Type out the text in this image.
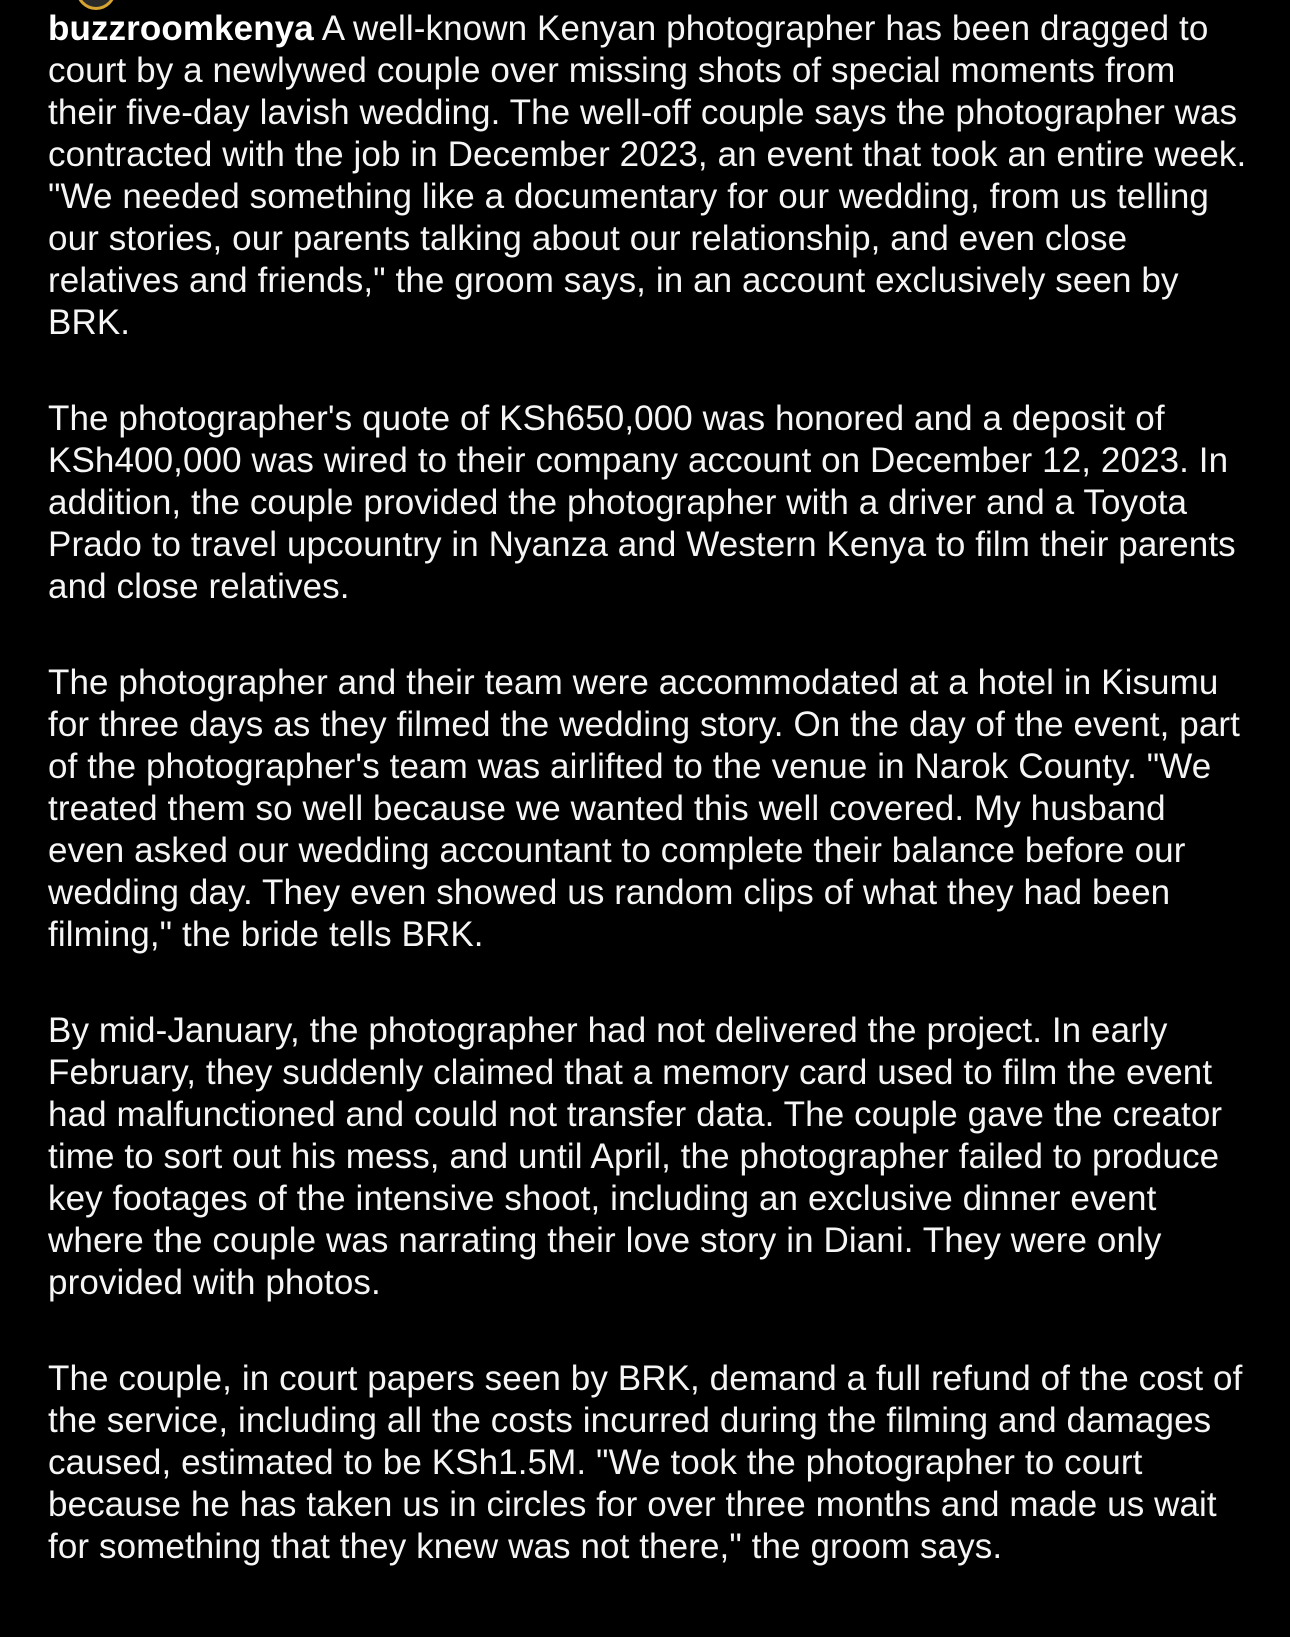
buzzroomkenya A well-known Kenyan photographer has been dragged to court by a newlywed couple over missing shots of special moments from their five-day lavish wedding. The well-off couple says the photographer was contracted with the job in December 2023, an event that took an entire week. "We needed something like a documentary for our wedding, from us telling our stories, our parents talking about our relationship, and even close relatives and friends," the groom says, in an account exclusively seen by BRK.

The photographer's quote of KSh650,000 was honored and a deposit of KSh400,000 was wired to their company account on December 12, 2023. In addition, the couple provided the photographer with a driver and a Toyota Prado to travel upcountry in Nyanza and Western Kenya to film their parents and close relatives.

The photographer and their team were accommodated at a hotel in Kisumu for three days as they filmed the wedding story. On the day of the event, part of the photographer's team was airlifted to the venue in Narok County. "We treated them so well because we wanted this well covered. My husband even asked our wedding accountant to complete their balance before our wedding day. They even showed us random clips of what they had been filming," the bride tells BRK.

By mid-January, the photographer had not delivered the project. In early February, they suddenly claimed that a memory card used to film the event had malfunctioned and could not transfer data. The couple gave the creator time to sort out his mess, and until April, the photographer failed to produce key footages of the intensive shoot, including an exclusive dinner event where the couple was narrating their love story in Diani. They were only provided with photos.

The couple, in court papers seen by BRK, demand a full refund of the cost of the service, including all the costs incurred during the filming and damages caused, estimated to be KSh1.5M. "We took the photographer to court because he has taken us in circles for over three months and made us wait for something that they knew was not there," the groom says.
